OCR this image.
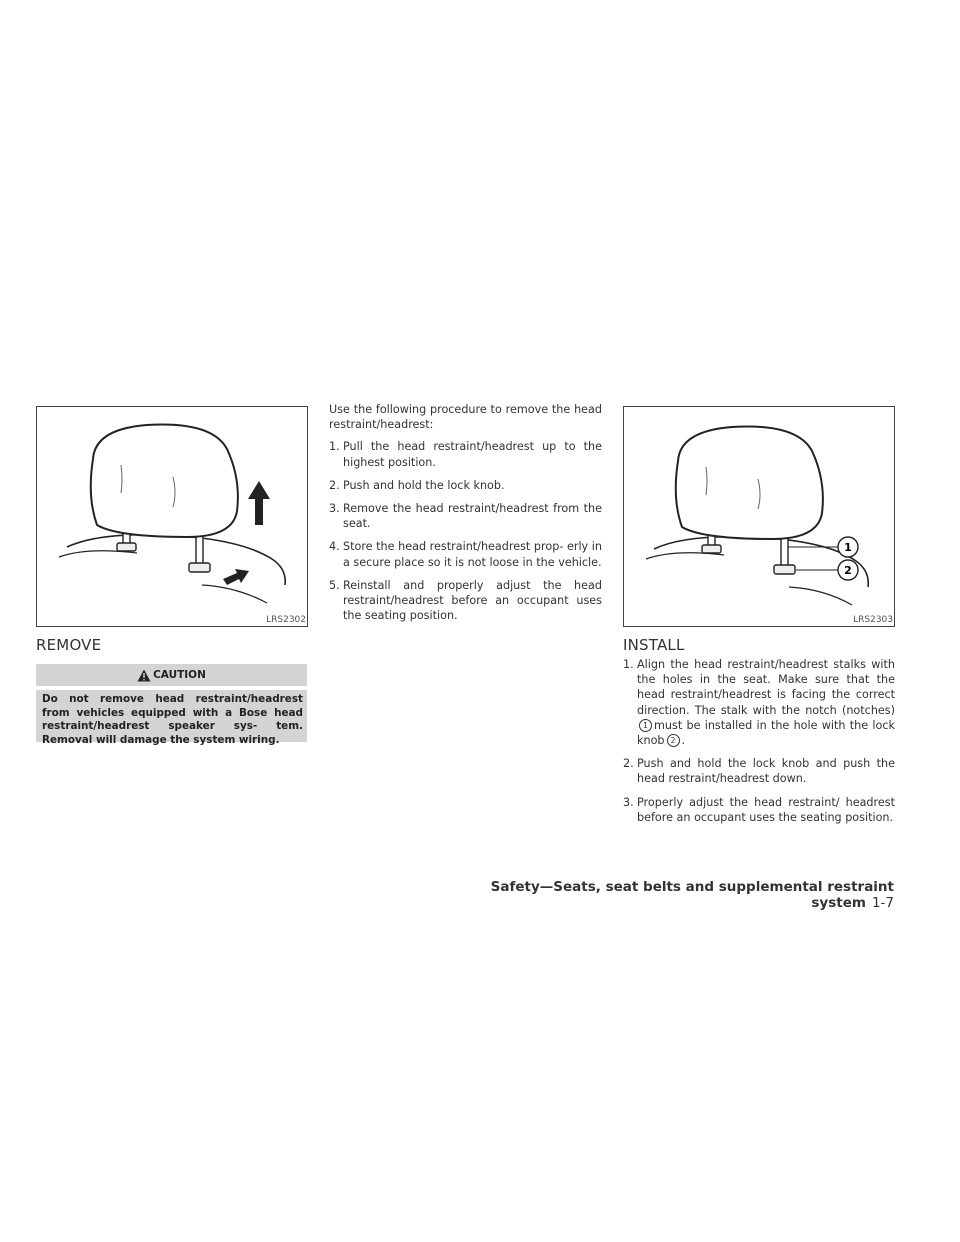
LRS2302
1
2
LRS2303
REMOVE
CAUTION
Do not remove head restraint/headrest from vehicles equipped with a Bose head restraint/headrest speaker sys- tem. Removal will damage the system wiring.

Use the following procedure to remove the head restraint/headrest:

1. Pull the head restraint/headrest up to the highest position.
2. Push and hold the lock knob.
3. Remove the head restraint/headrest from the seat.
4. Store the head restraint/headrest prop- erly in a secure place so it is not loose in the vehicle.
5. Reinstall and properly adjust the head restraint/headrest before an occupant uses the seating position.
INSTALL
1. Align the head restraint/headrest stalks with the holes in the seat. Make sure that the head restraint/headrest is facing the correct direction. The stalk with the notch (notches)1 must be installed in the hole with the lock knob 2 .
2. Push and hold the lock knob and push the head restraint/headrest down.
3. Properly adjust the head restraint/ headrest before an occupant uses the seating position.
Safety—Seats, seat belts and supplemental restraint system 1-7
